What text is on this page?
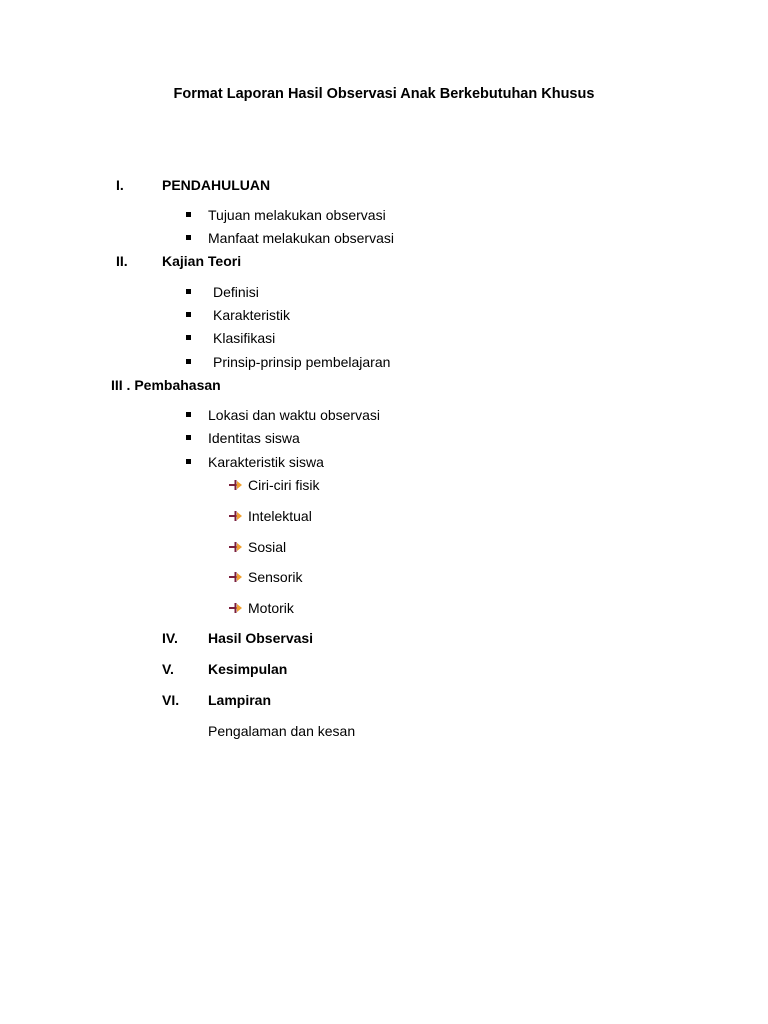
Format Laporan Hasil Observasi Anak Berkebutuhan Khusus
I.	PENDAHULUAN
Tujuan melakukan observasi
Manfaat melakukan observasi
II. Kajian Teori
Definisi
Karakteristik
Klasifikasi
Prinsip-prinsip pembelajaran
III . Pembahasan
Lokasi dan waktu observasi
Identitas siswa
Karakteristik siswa
Ciri-ciri fisik
Intelektual
Sosial
Sensorik
Motorik
IV. Hasil Observasi
V. Kesimpulan
VI. Lampiran
Pengalaman dan kesan
